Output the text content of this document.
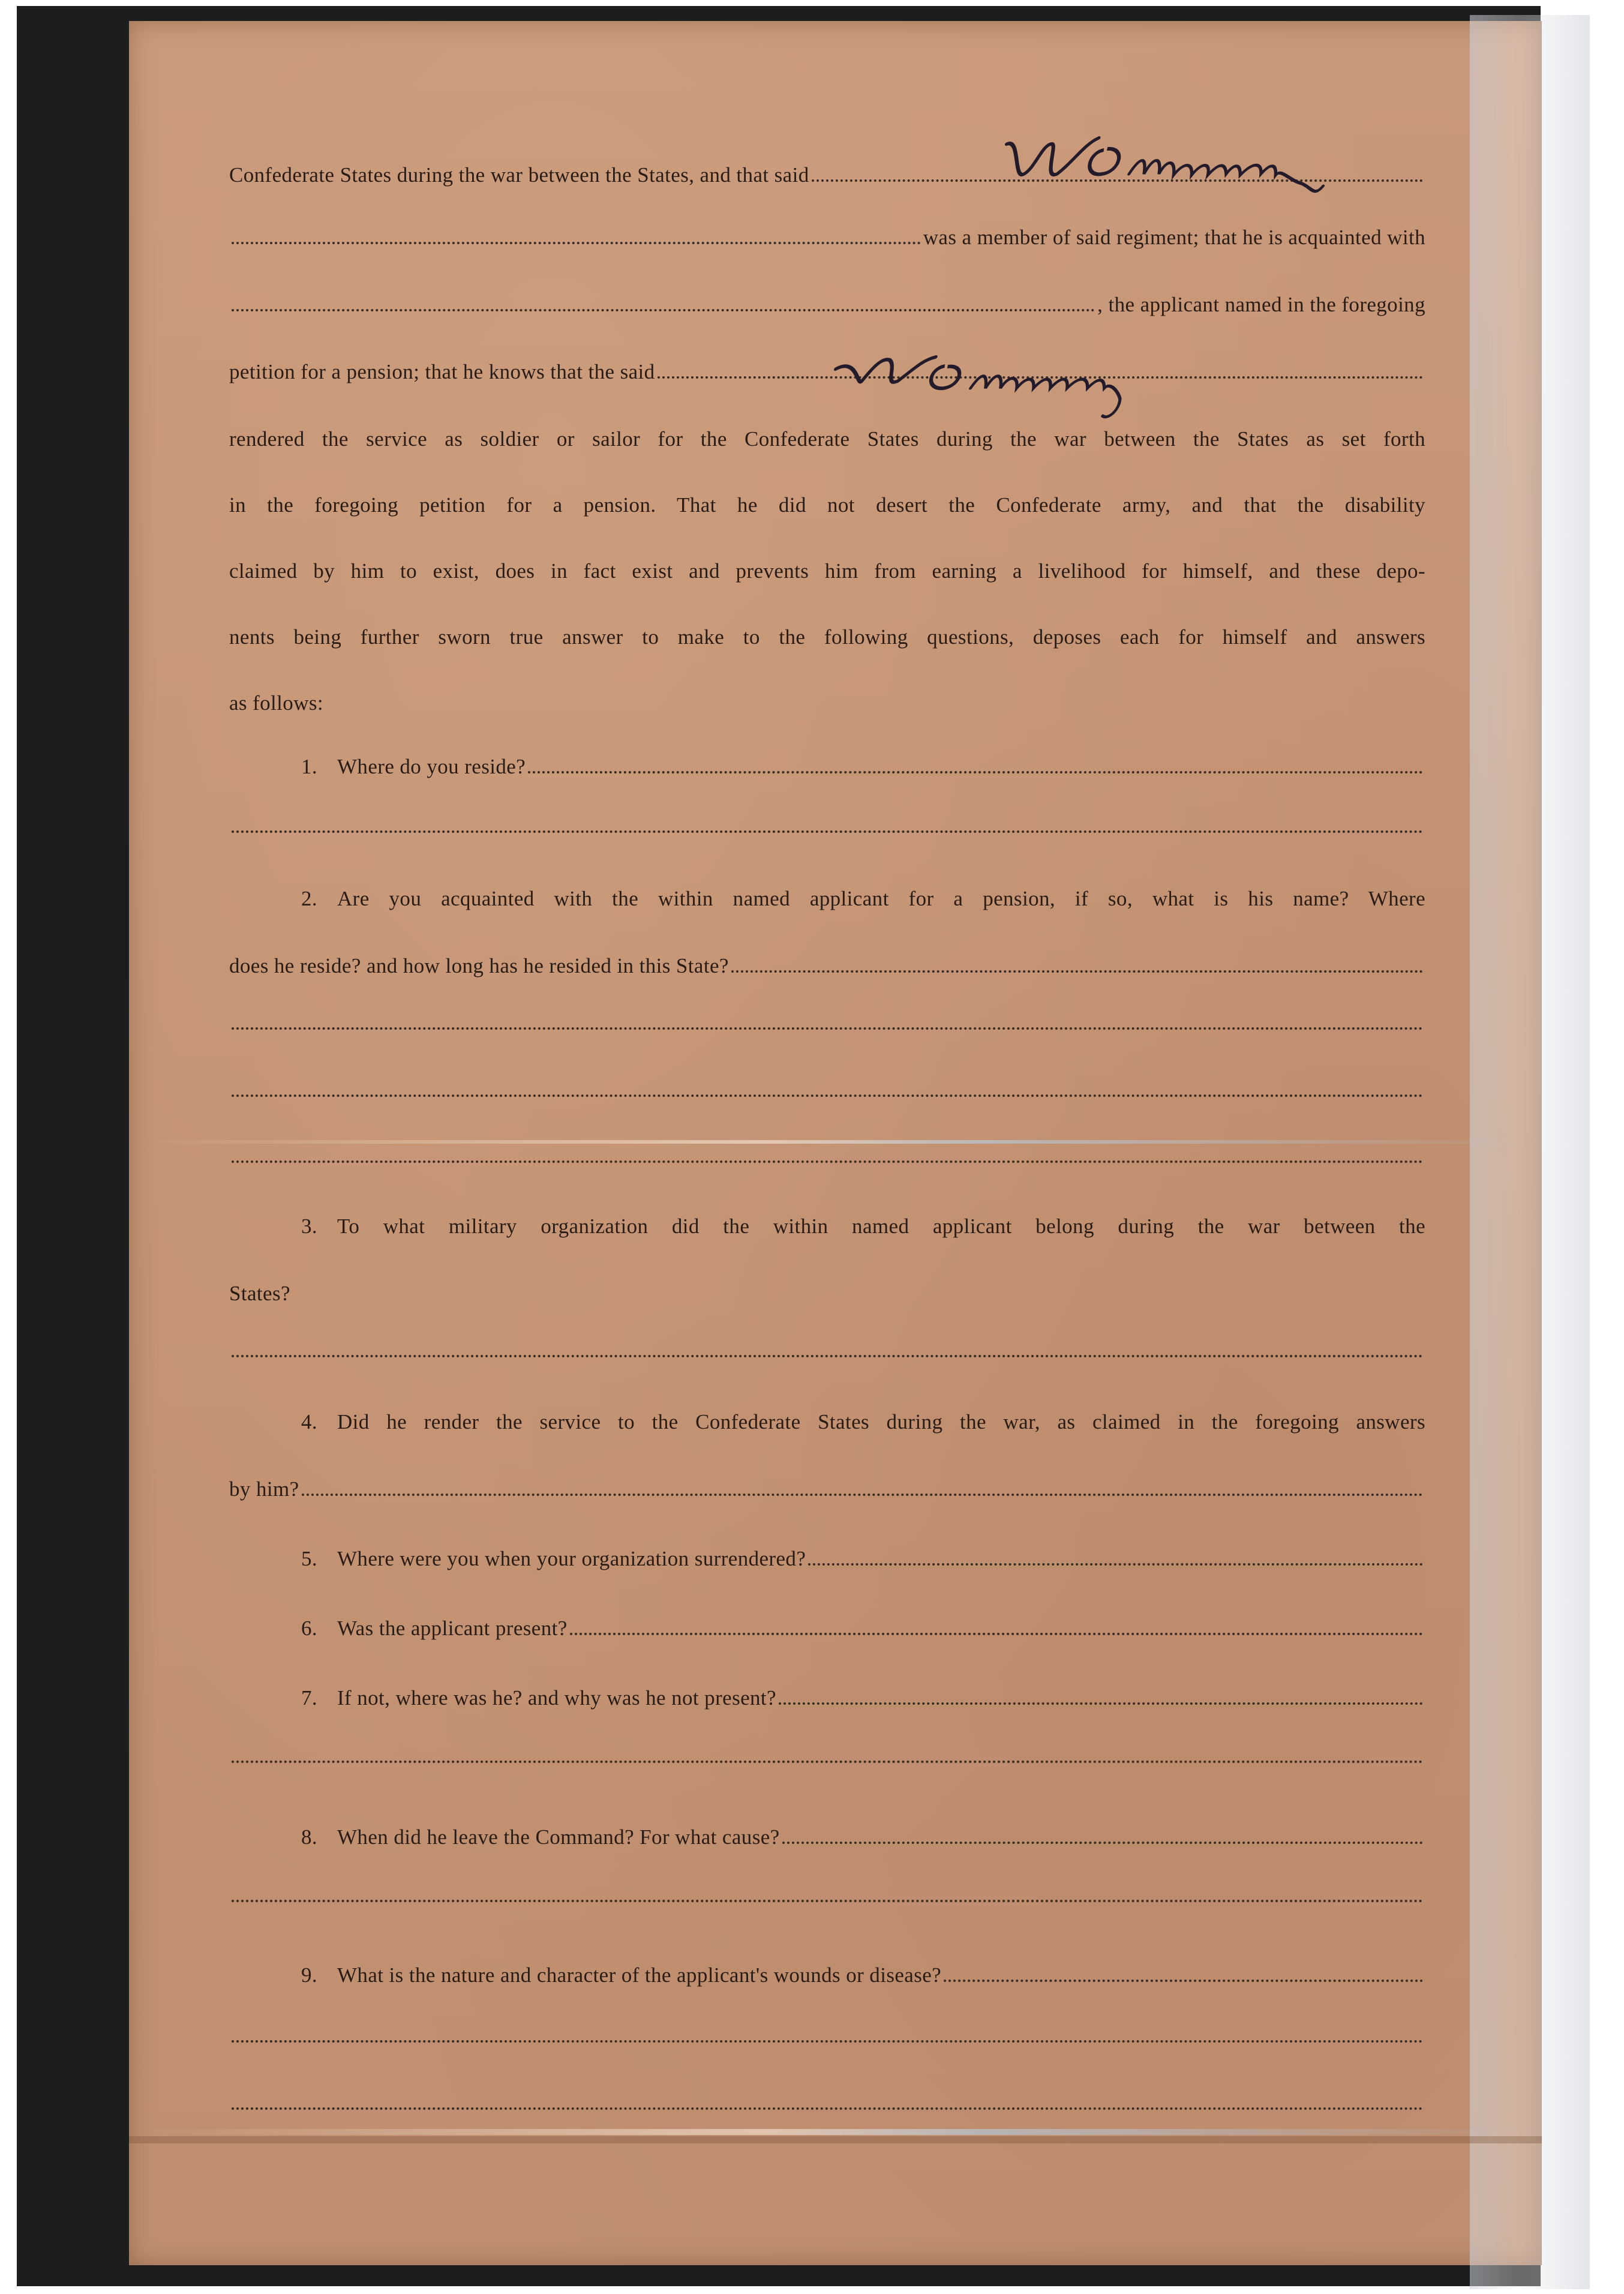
Confederate States during the war between the States, and that said
was a member of said regiment; that he is acquainted with
, the applicant named in the foregoing
petition for a pension; that he knows that the said
rendered the service as soldier or sailor for the Confederate States during the war between the States as set forth
in the foregoing petition for a pension. That he did not desert the Confederate army, and that the disability
claimed by him to exist, does in fact exist and prevents him from earning a livelihood for himself, and these depo-
nents being further sworn true answer to make to the following questions, deposes each for himself and answers
as follows:
1. Where do you reside?
2. Are you acquainted with the within named applicant for a pension, if so, what is his name? Where
does he reside? and how long has he resided in this State?
3. To what military organization did the within named applicant belong during the war between the
States?
4. Did he render the service to the Confederate States during the war, as claimed in the foregoing answers
by him?
5. Where were you when your organization surrendered?
6. Was the applicant present?
7. If not, where was he? and why was he not present?
8. When did he leave the Command? For what cause?
9. What is the nature and character of the applicant's wounds or disease?
